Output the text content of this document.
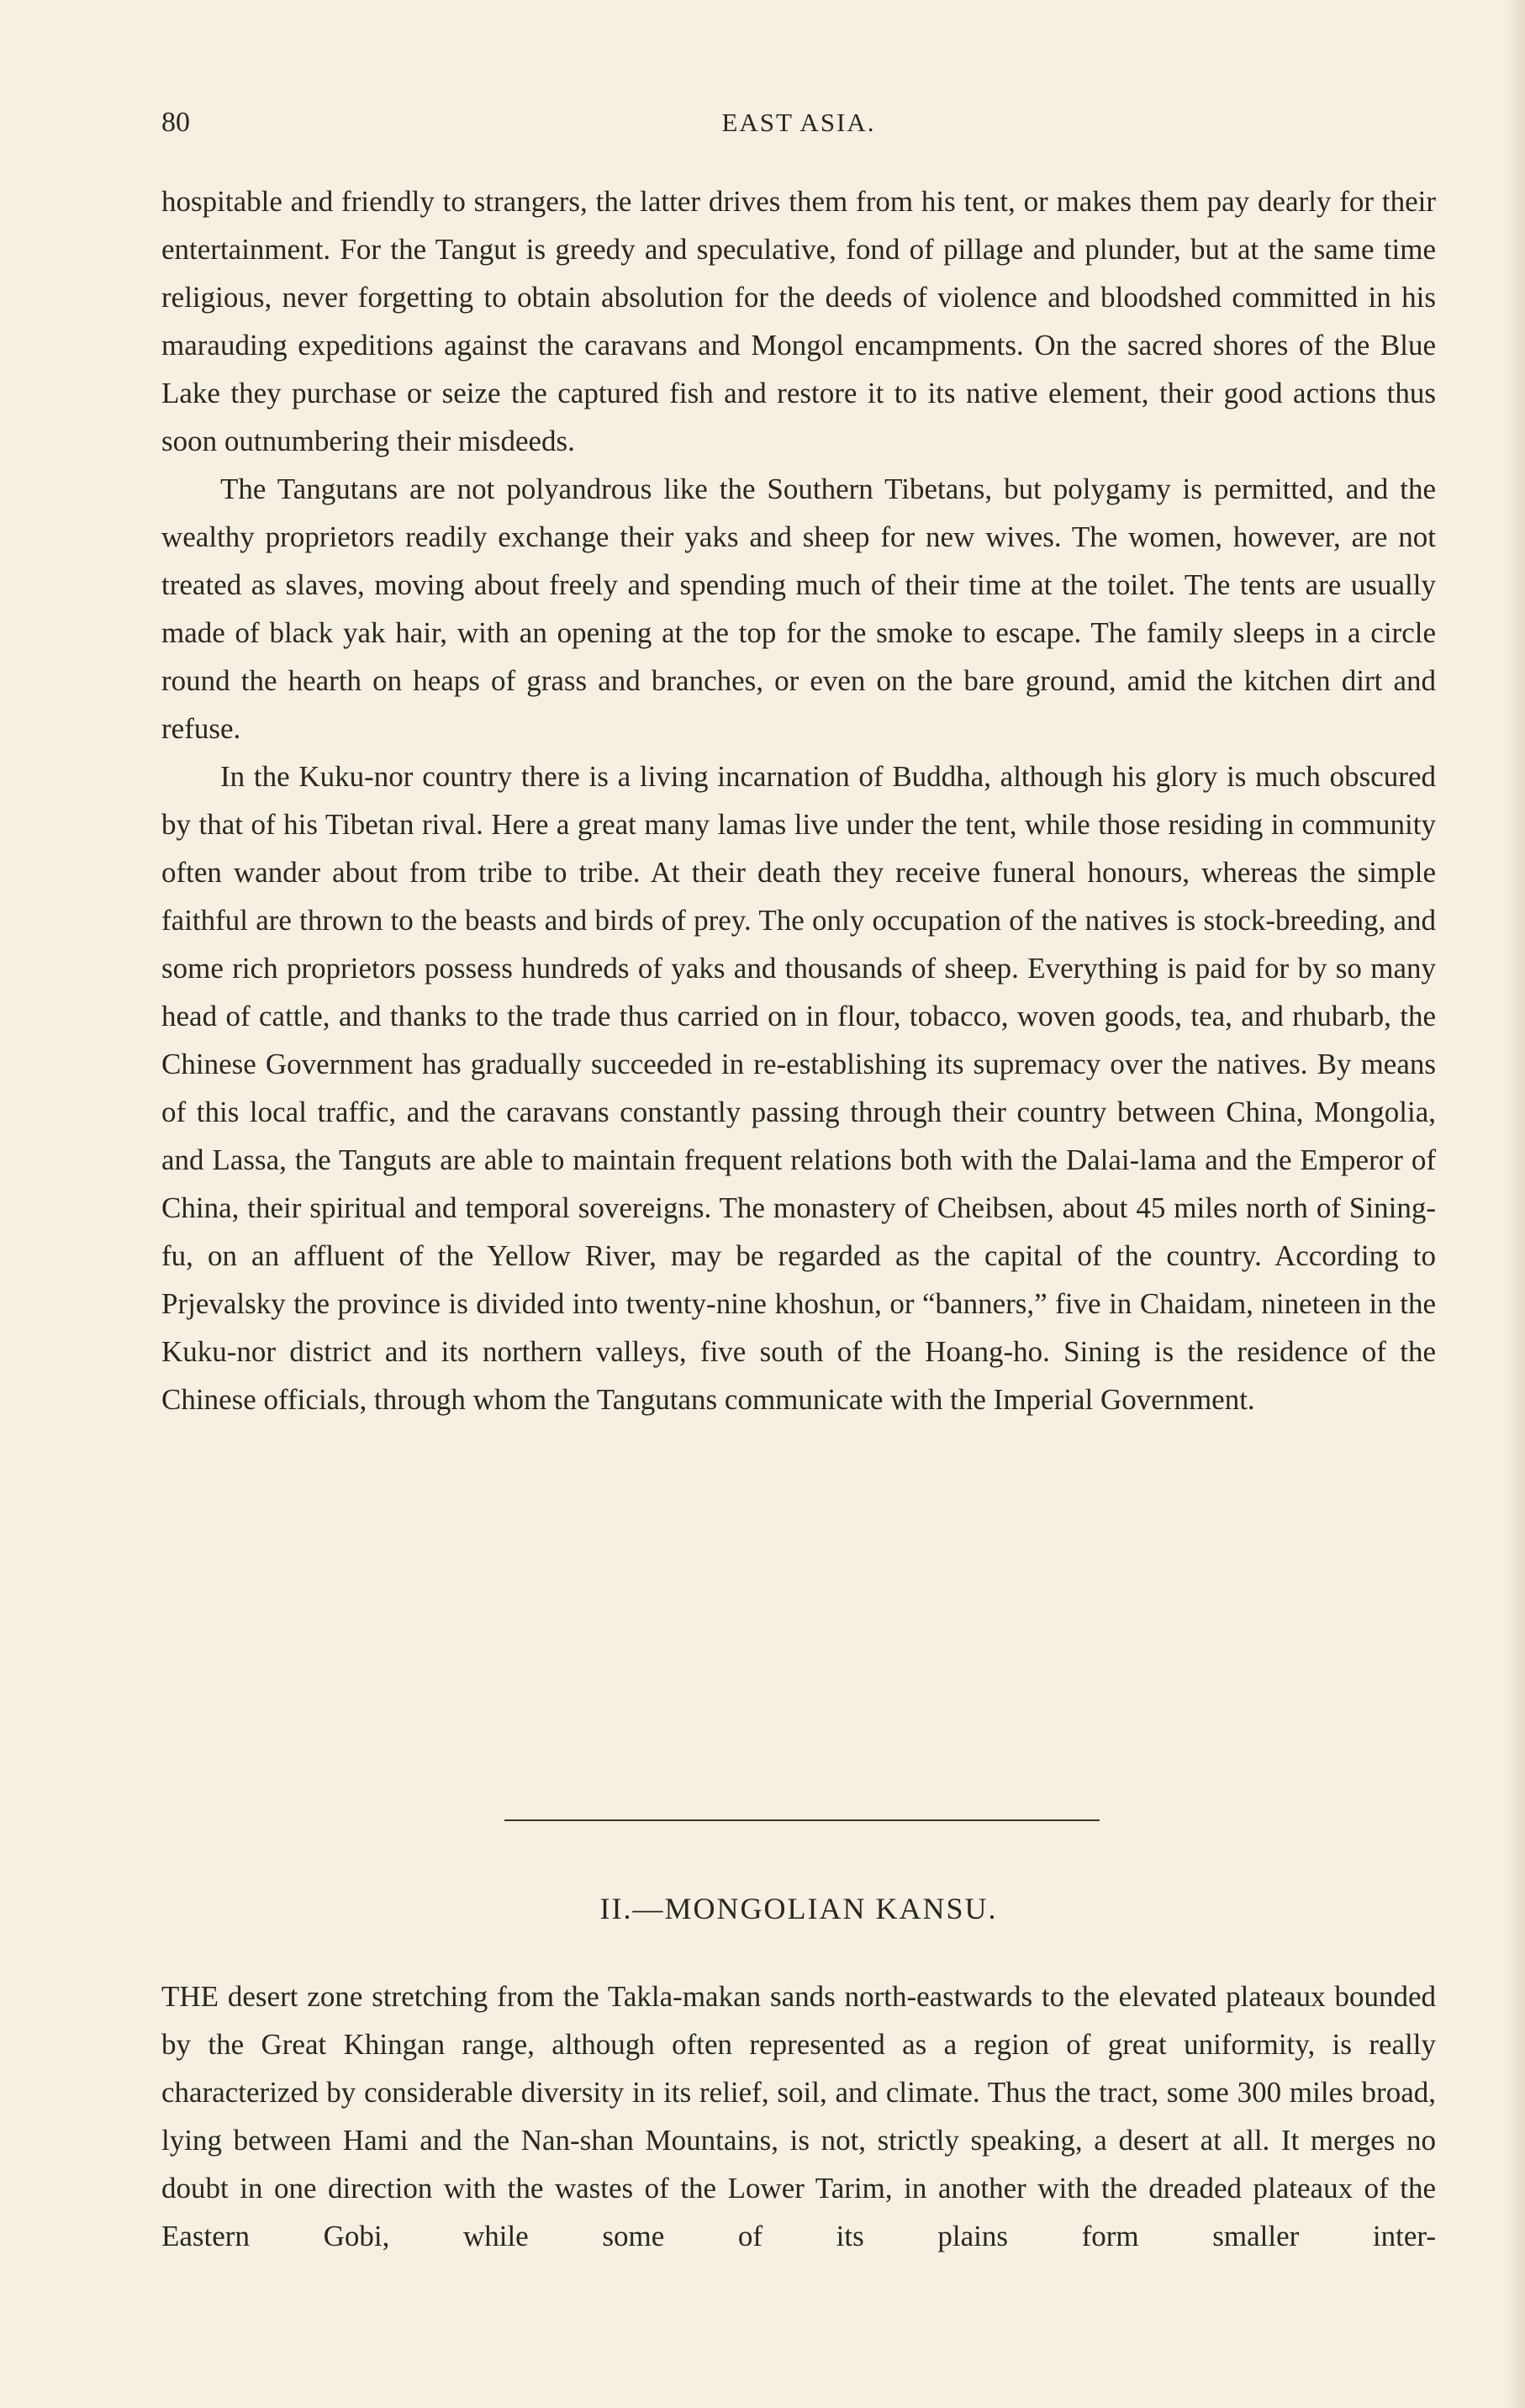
80	EAST ASIA.

hospitable and friendly to strangers, the latter drives them from his tent, or makes them pay dearly for their entertainment. For the Tangut is greedy and speculative, fond of pillage and plunder, but at the same time religious, never forgetting to obtain absolution for the deeds of violence and bloodshed committed in his marauding expeditions against the caravans and Mongol encampments. On the sacred shores of the Blue Lake they purchase or seize the captured fish and restore it to its native element, their good actions thus soon outnumbering their misdeeds.

The Tangutans are not polyandrous like the Southern Tibetans, but polygamy is permitted, and the wealthy proprietors readily exchange their yaks and sheep for new wives. The women, however, are not treated as slaves, moving about freely and spending much of their time at the toilet. The tents are usually made of black yak hair, with an opening at the top for the smoke to escape. The family sleeps in a circle round the hearth on heaps of grass and branches, or even on the bare ground, amid the kitchen dirt and refuse.

In the Kuku-nor country there is a living incarnation of Buddha, although his glory is much obscured by that of his Tibetan rival. Here a great many lamas live under the tent, while those residing in community often wander about from tribe to tribe. At their death they receive funeral honours, whereas the simple faithful are thrown to the beasts and birds of prey. The only occupation of the natives is stock-breeding, and some rich proprietors possess hundreds of yaks and thousands of sheep. Everything is paid for by so many head of cattle, and thanks to the trade thus carried on in flour, tobacco, woven goods, tea, and rhubarb, the Chinese Government has gradually succeeded in re-establishing its supremacy over the natives. By means of this local traffic, and the caravans constantly passing through their country between China, Mongolia, and Lassa, the Tanguts are able to maintain frequent relations both with the Dalai-lama and the Emperor of China, their spiritual and temporal sovereigns. The monastery of Cheibsen, about 45 miles north of Sining-fu, on an affluent of the Yellow River, may be regarded as the capital of the country. According to Prjevalsky the province is divided into twenty-nine khoshun, or “banners,” five in Chaidam, nineteen in the Kuku-nor district and its northern valleys, five south of the Hoang-ho. Sining is the residence of the Chinese officials, through whom the Tangutans communicate with the Imperial Government.

II.—MONGOLIAN KANSU.

THE desert zone stretching from the Takla-makan sands north-eastwards to the elevated plateaux bounded by the Great Khingan range, although often represented as a region of great uniformity, is really characterized by considerable diversity in its relief, soil, and climate. Thus the tract, some 300 miles broad, lying between Hami and the Nan-shan Mountains, is not, strictly speaking, a desert at all. It merges no doubt in one direction with the wastes of the Lower Tarim, in another with the dreaded plateaux of the Eastern Gobi, while some of its plains form smaller inter-
